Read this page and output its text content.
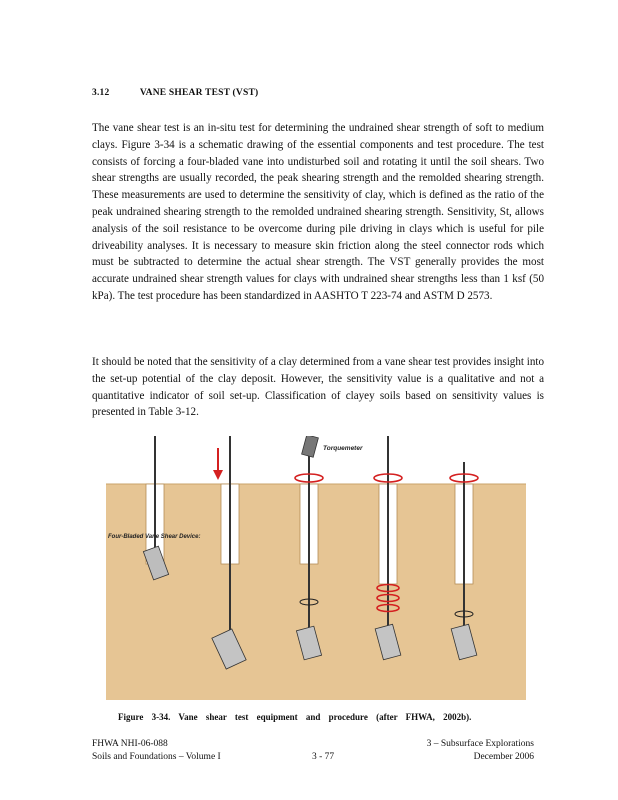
3.12	VANE SHEAR TEST (VST)
The vane shear test is an in-situ test for determining the undrained shear strength of soft to medium clays. Figure 3-34 is a schematic drawing of the essential components and test procedure. The test consists of forcing a four-bladed vane into undisturbed soil and rotating it until the soil shears. Two shear strengths are usually recorded, the peak shearing strength and the remolded shearing strength. These measurements are used to determine the sensitivity of clay, which is defined as the ratio of the peak undrained shearing strength to the remolded undrained shearing strength. Sensitivity, St, allows analysis of the soil resistance to be overcome during pile driving in clays which is useful for pile driveability analyses. It is necessary to measure skin friction along the steel connector rods which must be subtracted to determine the actual shear strength. The VST generally provides the most accurate undrained shear strength values for clays with undrained shear strengths less than 1 ksf (50 kPa). The test procedure has been standardized in AASHTO T 223-74 and ASTM D 2573.
It should be noted that the sensitivity of a clay determined from a vane shear test provides insight into the set-up potential of the clay deposit. However, the sensitivity value is a qualitative and not a quantitative indicator of soil set-up. Classification of clayey soils based on sensitivity values is presented in Table 3-12.
Torquemeter
Four-Bladed Vane Shear Device:
Figure 3-34. Vane shear test equipment and procedure (after FHWA, 2002b).
FHWA NHI-06-088
Soils and Foundations – Volume I	3 - 77
3 – Subsurface Explorations
December 2006
